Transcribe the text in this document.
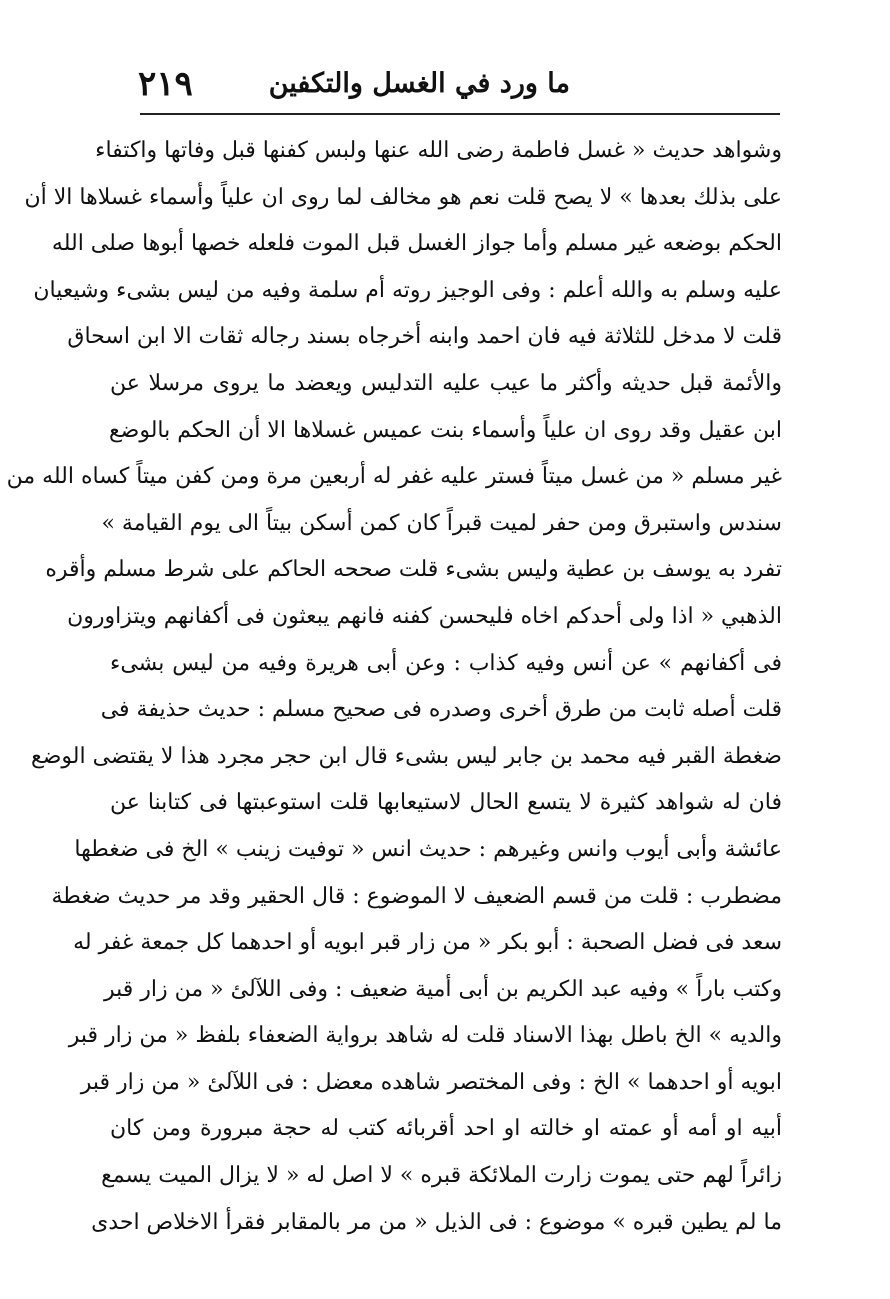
ما ورد في الغسل والتكفين
٢١٩
وشواهد حديث « غسل فاطمة رضى الله عنها ولبس كفنها قبل وفاتها واكتفاء
على بذلك بعدها » لا يصح قلت نعم هو مخالف لما روى ان علياً وأسماء غسلاها الا أن
الحكم بوضعه غير مسلم وأما جواز الغسل قبل الموت فلعله خصها أبوها صلى الله
عليه وسلم به والله أعلم : وفى الوجيز روته أم سلمة وفيه من ليس بشىء وشيعيان
قلت لا مدخل للثلاثة فيه فان احمد وابنه أخرجاه بسند رجاله ثقات الا ابن اسحاق
والأئمة قبل حديثه وأكثر ما عيب عليه التدليس ويعضد ما يروى مرسلا عن
ابن عقيل وقد روى ان علياً وأسماء بنت عميس غسلاها الا أن الحكم بالوضع
غير مسلم « من غسل ميتاً فستر عليه غفر له أربعين مرة ومن كفن ميتاً كساه الله من
سندس واستبرق ومن حفر لميت قبراً كان كمن أسكن بيتاً الى يوم القيامة »
تفرد به يوسف بن عطية وليس بشىء قلت صححه الحاكم على شرط مسلم وأقره
الذهبي « اذا ولى أحدكم اخاه فليحسن كفنه فانهم يبعثون فى أكفانهم ويتزاورون
فى أكفانهم » عن أنس وفيه كذاب : وعن أبى هريرة وفيه من ليس بشىء
قلت أصله ثابت من طرق أخرى وصدره فى صحيح مسلم : حديث حذيفة فى
ضغطة القبر فيه محمد بن جابر ليس بشىء قال ابن حجر مجرد هذا لا يقتضى الوضع
فان له شواهد كثيرة لا يتسع الحال لاستيعابها قلت استوعبتها فى كتابنا عن
عائشة وأبى أيوب وانس وغيرهم : حديث انس « توفيت زينب » الخ فى ضغطها
مضطرب : قلت من قسم الضعيف لا الموضوع : قال الحقير وقد مر حديث ضغطة
سعد فى فضل الصحبة : أبو بكر « من زار قبر ابويه أو احدهما كل جمعة غفر له
وكتب باراً » وفيه عبد الكريم بن أبى أمية ضعيف : وفى اللآلئ « من زار قبر
والديه » الخ باطل بهذا الاسناد قلت له شاهد برواية الضعفاء بلفظ « من زار قبر
ابويه أو احدهما » الخ : وفى المختصر شاهده معضل : فى اللآلئ « من زار قبر
أبيه او أمه أو عمته او خالته او احد أقربائه كتب له حجة مبرورة ومن كان
زائراً لهم حتى يموت زارت الملائكة قبره » لا اصل له « لا يزال الميت يسمع
ما لم يطين قبره » موضوع : فى الذيل « من مر بالمقابر فقرأ الاخلاص احدى
